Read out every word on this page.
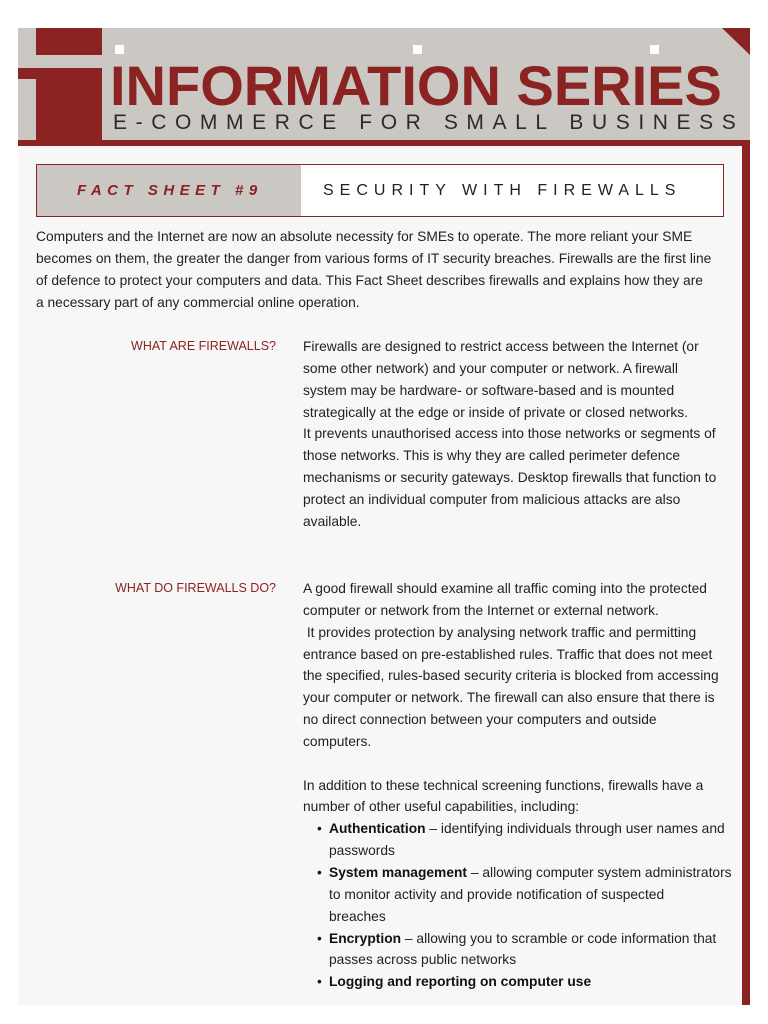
INFORMATION SERIES
E-COMMERCE FOR SMALL BUSINESS
FACT SHEET #9	SECURITY WITH FIREWALLS
Computers and the Internet are now an absolute necessity for SMEs to operate. The more reliant your SME
becomes on them, the greater the danger from various forms of IT security breaches. Firewalls are the first line
of defence to protect your computers and data. This Fact Sheet describes firewalls and explains how they are
a necessary part of any commercial online operation.
WHAT ARE FIREWALLS? Firewalls are designed to restrict access between the Internet (or
some other network) and your computer or network. A firewall
system may be hardware- or software-based and is mounted
strategically at the edge or inside of private or closed networks.
It prevents unauthorised access into those networks or segments of
those networks. This is why they are called perimeter defence
mechanisms or security gateways. Desktop firewalls that function to
protect an individual computer from malicious attacks are also
available.
WHAT DO FIREWALLS DO? A good firewall should examine all traffic coming into the protected
computer or network from the Internet or external network.
It provides protection by analysing network traffic and permitting
entrance based on pre-established rules. Traffic that does not meet
the specified, rules-based security criteria is blocked from accessing
your computer or network. The firewall can also ensure that there is
no direct connection between your computers and outside
computers.
In addition to these technical screening functions, firewalls have a
number of other useful capabilities, including:
• Authentication – identifying individuals through user names and
passwords
• System management – allowing computer system administrators
to monitor activity and provide notification of suspected
breaches
• Encryption – allowing you to scramble or code information that
passes across public networks
• Logging and reporting on computer use
